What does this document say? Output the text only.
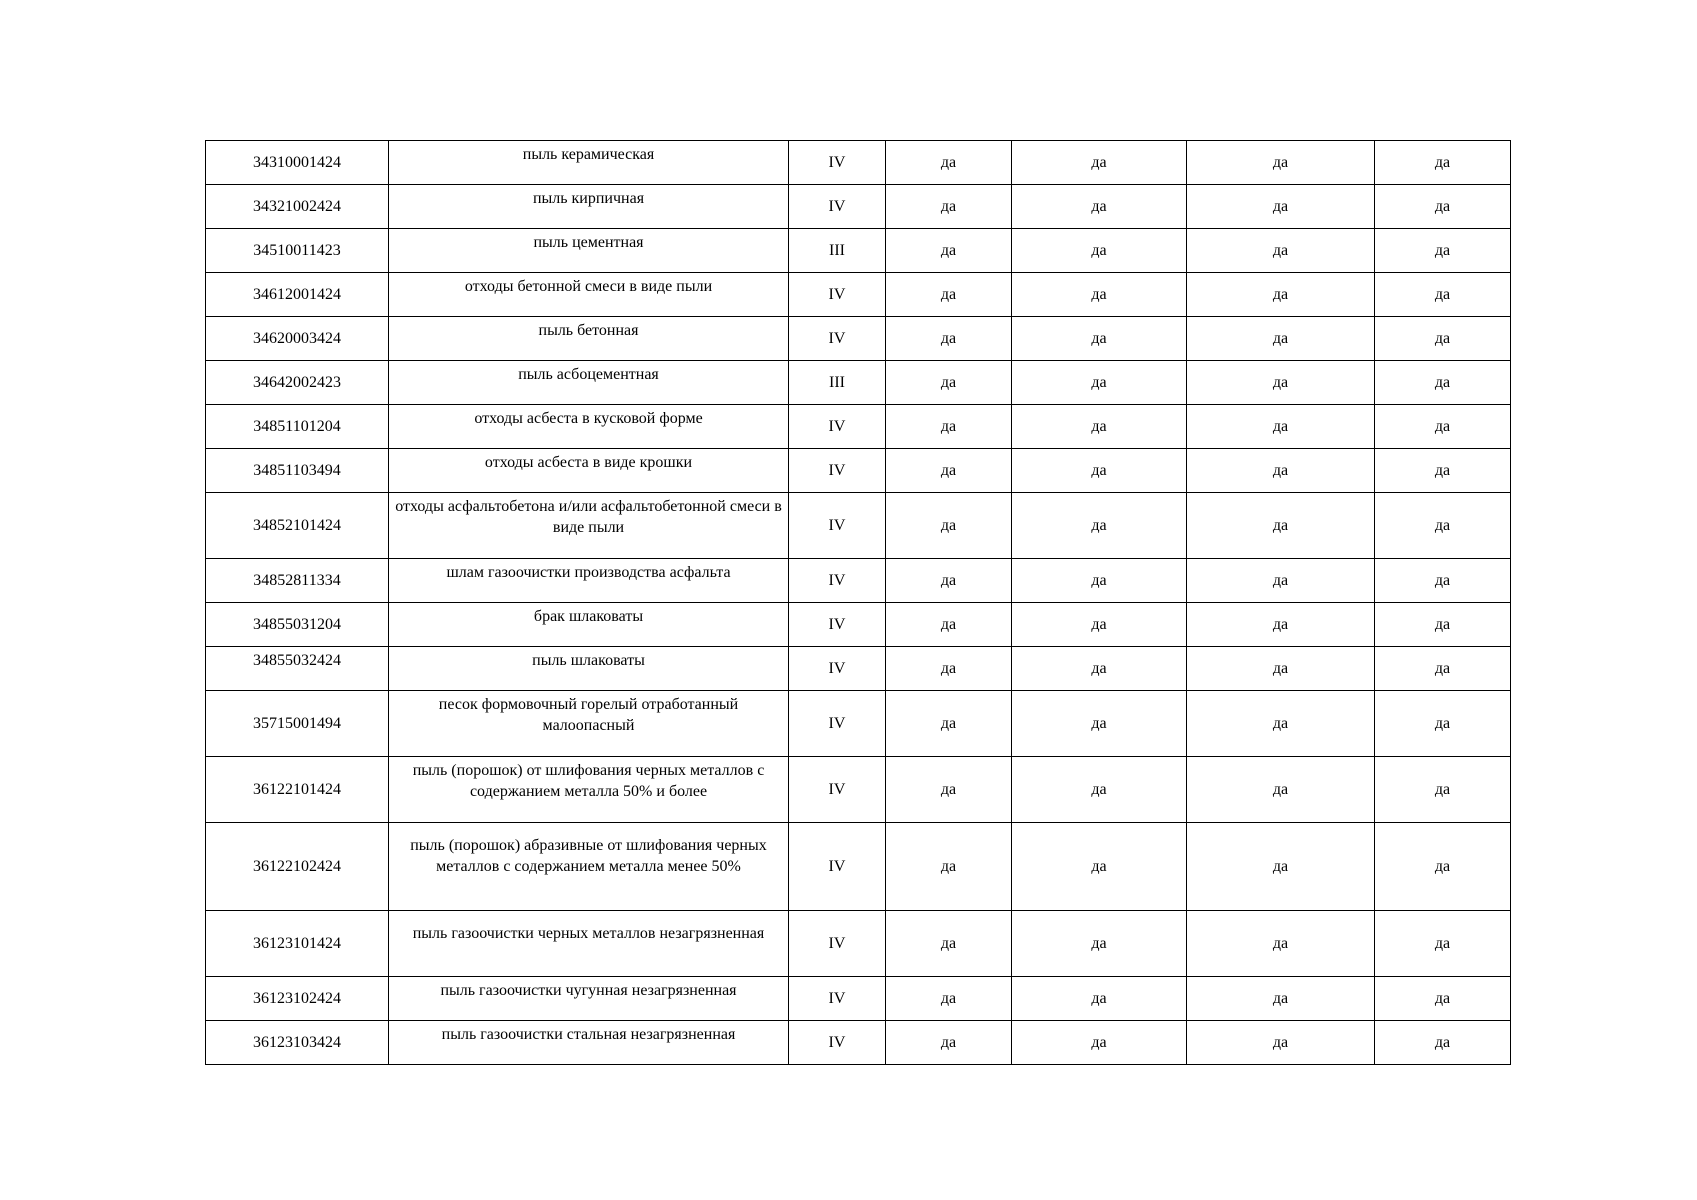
34310001424	пыль керамическая	IV	да	да	да	да
34321002424	пыль кирпичная	IV	да	да	да	да
34510011423	пыль цементная	III	да	да	да	да
34612001424	отходы бетонной смеси в виде пыли	IV	да	да	да	да
34620003424	пыль бетонная	IV	да	да	да	да
34642002423	пыль асбоцементная	III	да	да	да	да
34851101204	отходы асбеста в кусковой форме	IV	да	да	да	да
34851103494	отходы асбеста в виде крошки	IV	да	да	да	да
34852101424	отходы асфальтобетона и/или асфальтобетонной смеси в виде пыли	IV	да	да	да	да
34852811334	шлам газоочистки производства асфальта	IV	да	да	да	да
34855031204	брак шлаковаты	IV	да	да	да	да
34855032424	пыль шлаковаты	IV	да	да	да	да
35715001494	песок формовочный горелый отработанный малоопасный	IV	да	да	да	да
36122101424	пыль (порошок) от шлифования черных металлов с содержанием металла 50% и более	IV	да	да	да	да
36122102424	пыль (порошок) абразивные от шлифования черных металлов с содержанием металла менее 50%	IV	да	да	да	да
36123101424	пыль газоочистки черных металлов незагрязненная	IV	да	да	да	да
36123102424	пыль газоочистки чугунная незагрязненная	IV	да	да	да	да
36123103424	пыль газоочистки стальная незагрязненная	IV	да	да	да	да
